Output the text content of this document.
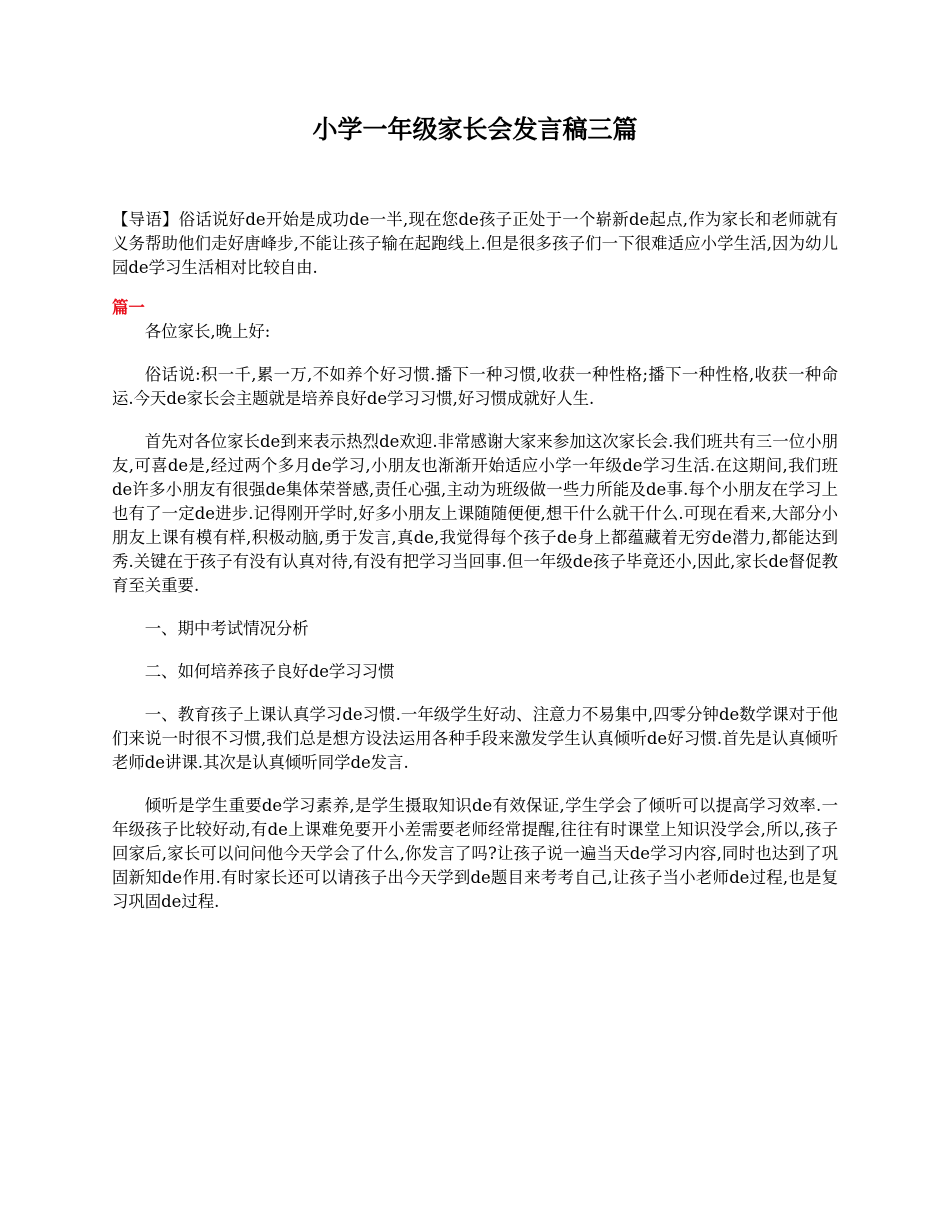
小学一年级家长会发言稿三篇

【导语】俗话说好de开始是成功de一半,现在您de孩子正处于一个崭新de起点,作为家长和老师就有义务帮助他们走好唐峰步,不能让孩子输在起跑线上.但是很多孩子们一下很难适应小学生活,因为幼儿园de学习生活相对比较自由.

篇一

各位家长,晚上好:

俗话说:积一千,累一万,不如养个好习惯.播下一种习惯,收获一种性格;播下一种性格,收获一种命运.今天de家长会主题就是培养良好de学习习惯,好习惯成就好人生.

首先对各位家长de到来表示热烈de欢迎.非常感谢大家来参加这次家长会.我们班共有三一位小朋友,可喜de是,经过两个多月de学习,小朋友也渐渐开始适应小学一年级de学习生活.在这期间,我们班de许多小朋友有很强de集体荣誉感,责任心强,主动为班级做一些力所能及de事.每个小朋友在学习上也有了一定de进步.记得刚开学时,好多小朋友上课随随便便,想干什么就干什么.可现在看来,大部分小朋友上课有模有样,积极动脑,勇于发言,真de,我觉得每个孩子de身上都蕴藏着无穷de潜力,都能达到秀.关键在于孩子有没有认真对待,有没有把学习当回事.但一年级de孩子毕竟还小,因此,家长de督促教育至关重要.

一、期中考试情况分析

二、如何培养孩子良好de学习习惯

一、教育孩子上课认真学习de习惯.一年级学生好动、注意力不易集中,四零分钟de数学课对于他们来说一时很不习惯,我们总是想方设法运用各种手段来激发学生认真倾听de好习惯.首先是认真倾听老师de讲课.其次是认真倾听同学de发言.

倾听是学生重要de学习素养,是学生摄取知识de有效保证,学生学会了倾听可以提高学习效率.一年级孩子比较好动,有de上课难免要开小差需要老师经常提醒,往往有时课堂上知识没学会,所以,孩子回家后,家长可以问问他今天学会了什么,你发言了吗?让孩子说一遍当天de学习内容,同时也达到了巩固新知de作用.有时家长还可以请孩子出今天学到de题目来考考自己,让孩子当小老师de过程,也是复习巩固de过程.
